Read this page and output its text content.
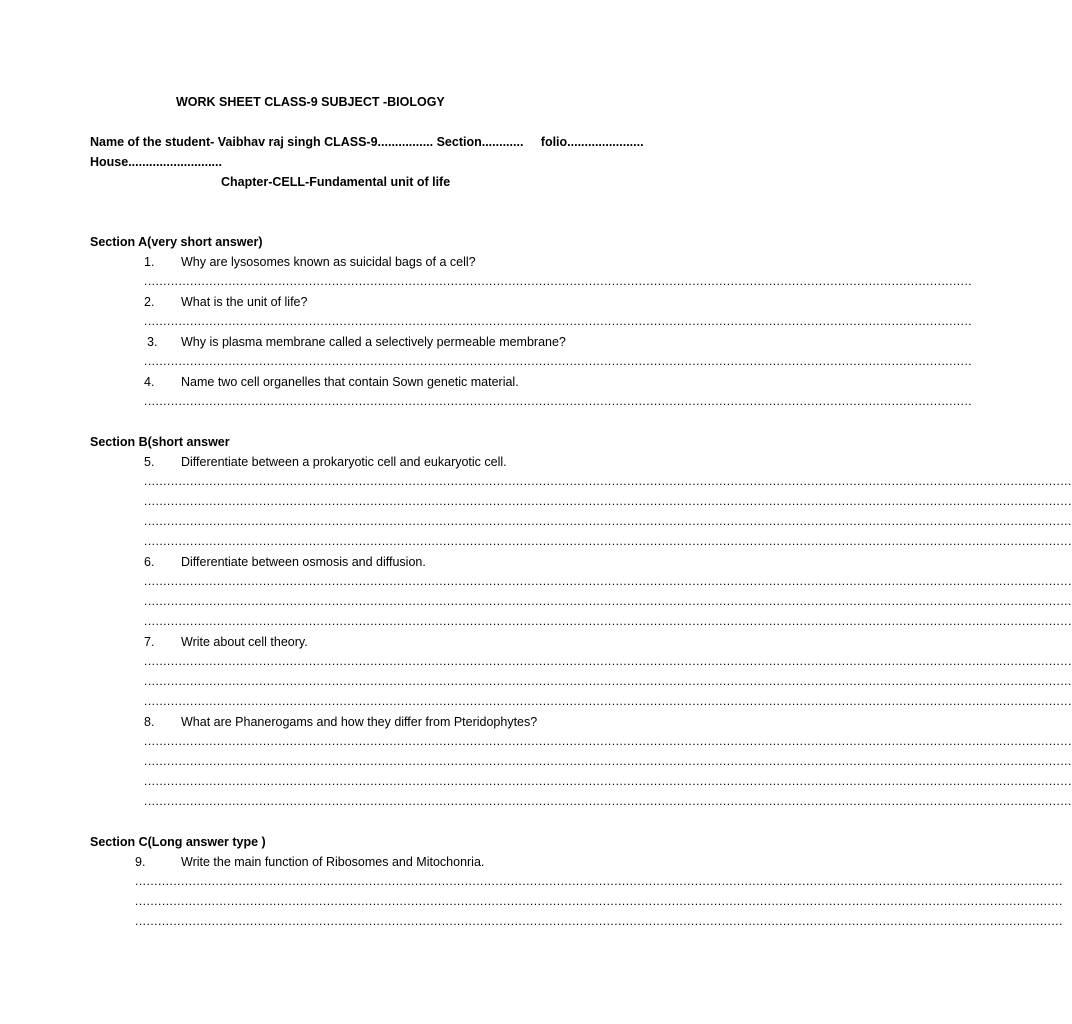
WORK SHEET CLASS-9 SUBJECT -BIOLOGY
Name of the student- Vaibhav raj singh CLASS-9................ Section............     folio......................
House...........................
Chapter-CELL-Fundamental unit of life
Section A(very short answer)
1. Why are lysosomes known as suicidal bags of a cell?
........................................................................................................................................................................................................................
2. What is the unit of life?
........................................................................................................................................................................................................................
3. Why is plasma membrane called a selectively permeable membrane?
........................................................................................................................................................................................................................
4. Name two cell organelles that contain Sown genetic material.
........................................................................................................................................................................................................................
Section B(short answer
5. Differentiate between a prokaryotic cell and eukaryotic cell.
..................................................................................................................................................................................................................................................
..................................................................................................................................................................................................................................................
..................................................................................................................................................................................................................................................
..................................................................................................................................................................................................................................................
6. Differentiate between osmosis and diffusion.
..................................................................................................................................................................................................................................................
..................................................................................................................................................................................................................................................
..................................................................................................................................................................................................................................................
7. Write about cell theory.
..................................................................................................................................................................................................................................................
..................................................................................................................................................................................................................................................
..................................................................................................................................................................................................................................................
8. What are Phanerogams and how they differ from Pteridophytes?
..................................................................................................................................................................................................................................................
..................................................................................................................................................................................................................................................
..................................................................................................................................................................................................................................................
..................................................................................................................................................................................................................................................
Section C(Long answer type )
9.	Write the main function of Ribosomes and Mitochonria.
..................................................................................................................................................................................................................................................
..................................................................................................................................................................................................................................................
..................................................................................................................................................................................................................................................
